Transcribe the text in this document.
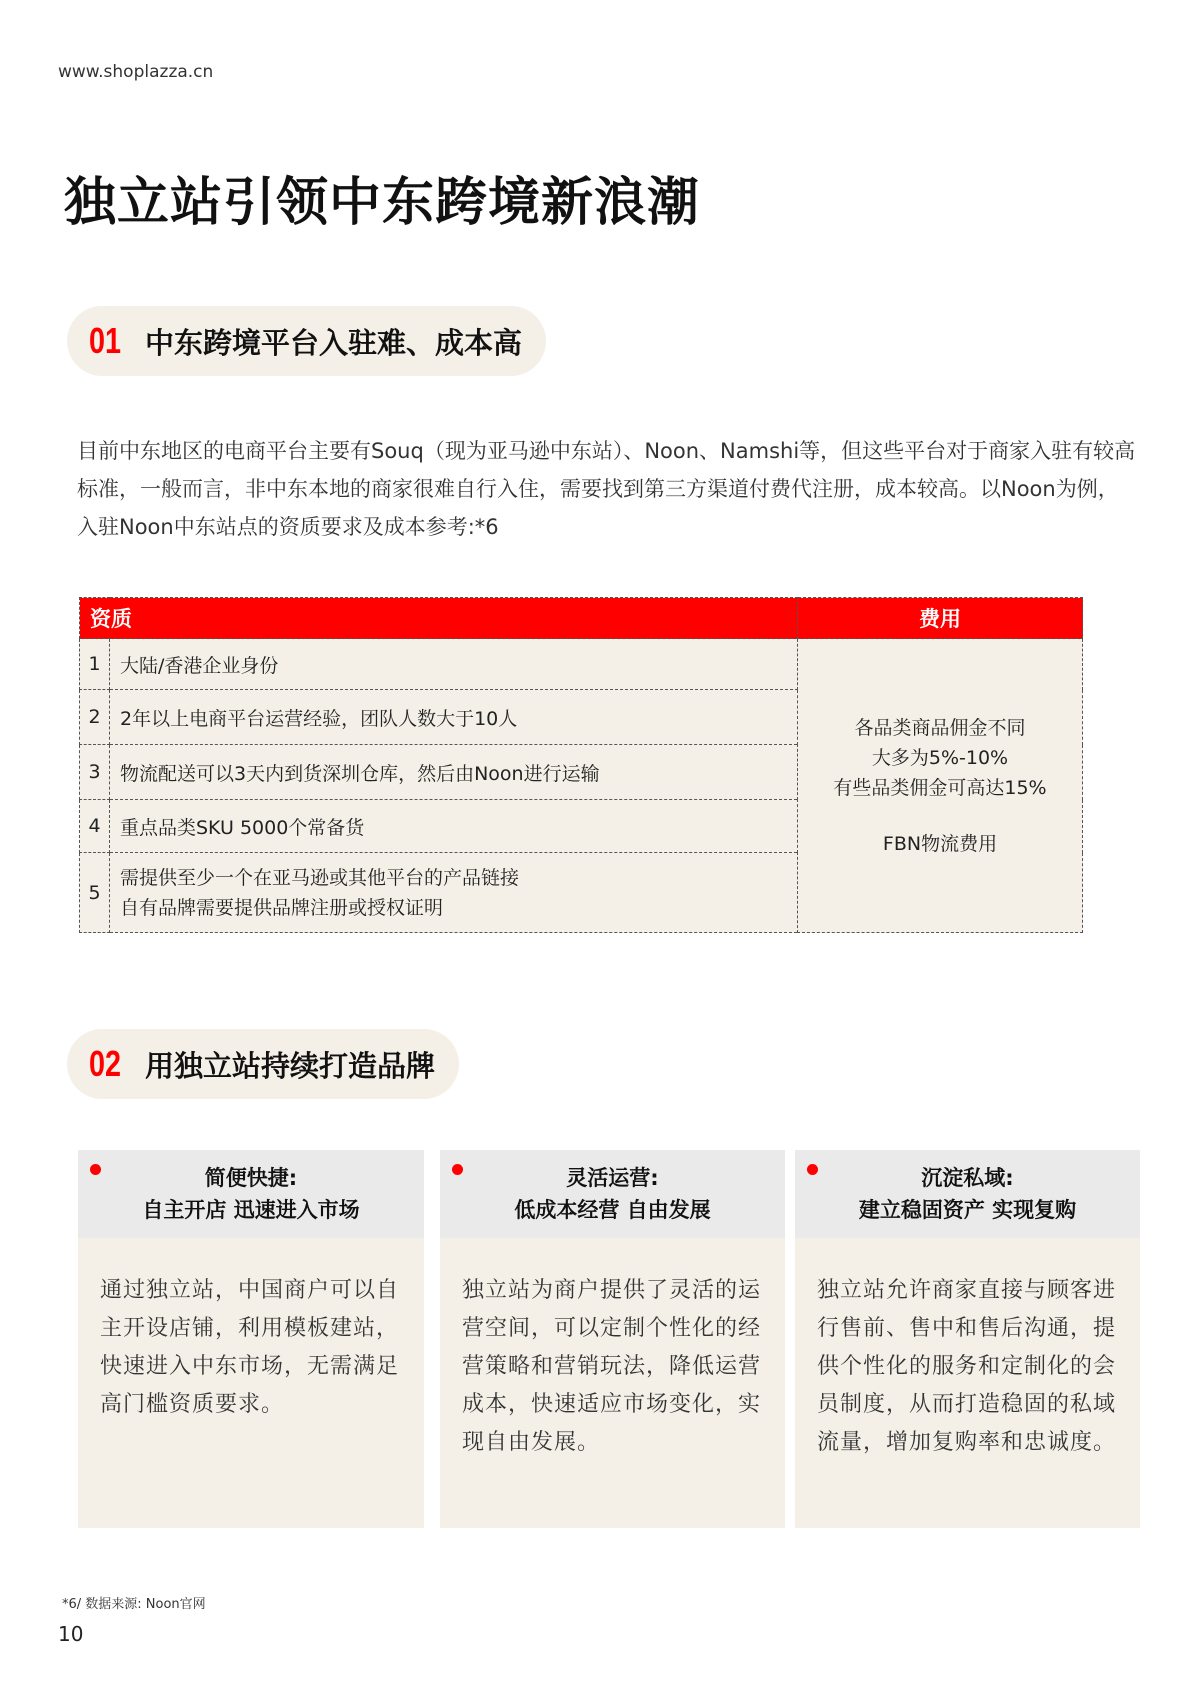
www.shoplazza.cn
独立站引领中东跨境新浪潮
01 中东跨境平台入驻难、成本高

目前中东地区的电商平台主要有Souq（现为亚马逊中东站）、Noon、Namshi等，但这些平台对于商家入驻有较高标准，一般而言，非中东本地的商家很难自行入住，需要找到第三方渠道付费代注册，成本较高。以Noon为例，入驻Noon中东站点的资质要求及成本参考:*6

资质		费用
1	大陆/香港企业身份	各品类商品佣金不同
大多为5%-10%
有些品类佣金可高达15%
FBN物流费用

2	2年以上电商平台运营经验，团队人数大于10人	
3	物流配送可以3天内到货深圳仓库，然后由Noon进行运输	
4	重点品类SKU 5000个常备货	
5	需提供至少一个在亚马逊或其他平台的产品链接
自有品牌需要提供品牌注册或授权证明	
02 用独立站持续打造品牌
简便快捷:
自主开店 迅速进入市场
通过独立站，中国商户可以自主开设店铺，利用模板建站，快速进入中东市场，无需满足高门槛资质要求。
灵活运营:
低成本经营 自由发展
独立站为商户提供了灵活的运营空间，可以定制个性化的经营策略和营销玩法，降低运营成本，快速适应市场变化，实现自由发展。
沉淀私域:
建立稳固资产 实现复购
独立站允许商家直接与顾客进行售前、售中和售后沟通，提供个性化的服务和定制化的会员制度，从而打造稳固的私域流量，增加复购率和忠诚度。
*6/ 数据来源: Noon官网
10
